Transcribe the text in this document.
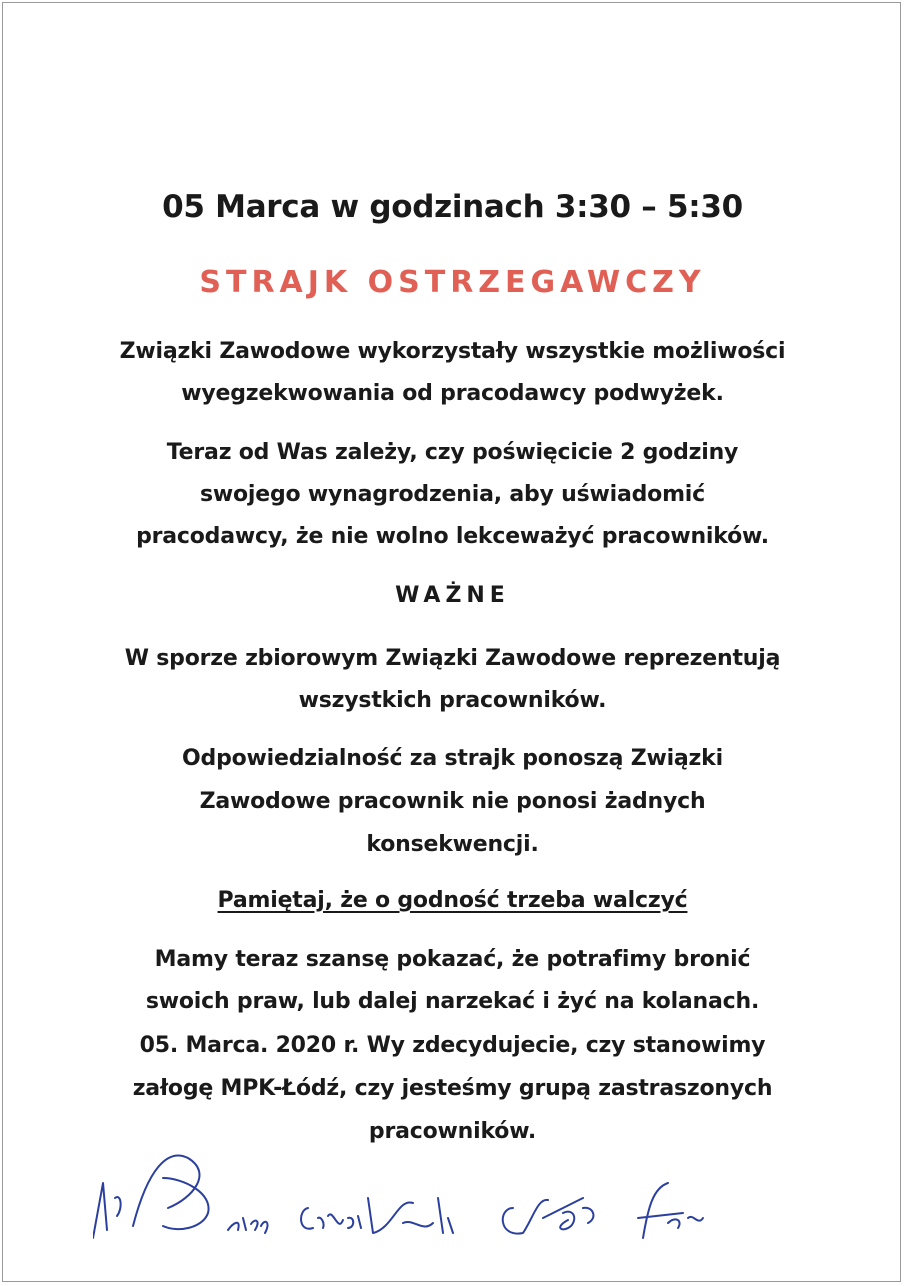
05 Marca w godzinach 3:30 – 5:30
STRAJK OSTRZEGAWCZY
Związki Zawodowe wykorzystały wszystkie możliwości
wyegzekwowania od pracodawcy podwyżek.
Teraz od Was zależy, czy poświęcicie 2 godziny
swojego wynagrodzenia, aby uświadomić
pracodawcy, że nie wolno lekceważyć pracowników.
WAŻNE
W sporze zbiorowym Związki Zawodowe reprezentują
wszystkich pracowników.
Odpowiedzialność za strajk ponoszą Związki
Zawodowe pracownik nie ponosi żadnych
konsekwencji.
Pamiętaj, że o godność trzeba walczyć
Mamy teraz szansę pokazać, że potrafimy bronić
swoich praw, lub dalej narzekać i żyć na kolanach.
05. Marca. 2020 r. Wy zdecydujecie, czy stanowimy
załogę MPK-Łódź, czy jesteśmy grupą zastraszonych
pracowników.
